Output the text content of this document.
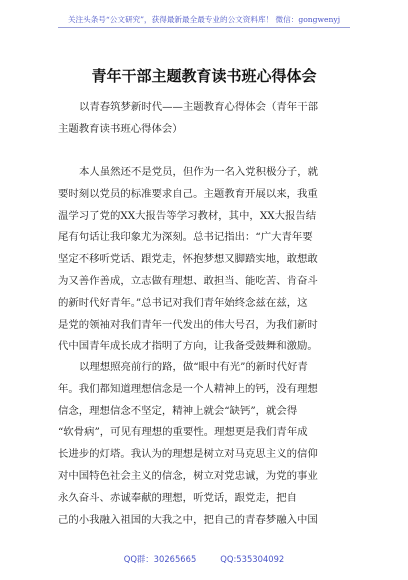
关注头条号“公文研究”，获得最新最全最专业的公文资料库！ 微信：gongwenyj
青年干部主题教育读书班心得体会
以青春筑梦新时代——主题教育心得体会（青年干部
主题教育读书班心得体会）
本人虽然还不是党员，但作为一名入党积极分子，就
要时刻以党员的标准要求自己。主题教育开展以来，我重
温学习了党的XX大报告等学习教材，其中，XX大报告结
尾有句话让我印象尤为深刻。总书记指出：“广大青年要
坚定不移听党话、跟党走，怀抱梦想又脚踏实地，敢想敢
为又善作善成，立志做有理想、敢担当、能吃苦、肯奋斗
的新时代好青年。”总书记对我们青年始终念兹在兹，这
是党的领袖对我们青年一代发出的伟大号召，为我们新时
代中国青年成长成才指明了方向，让我备受鼓舞和激励。
以理想照亮前行的路，做“眼中有光”的新时代好青
年。我们都知道理想信念是一个人精神上的钙，没有理想
信念，理想信念不坚定，精神上就会“缺钙”，就会得
“软骨病”，可见有理想的重要性。理想更是我们青年成
长进步的灯塔。我认为的理想是树立对马克思主义的信仰
对中国特色社会主义的信念，树立对党忠诚，为党的事业
永久奋斗、赤诚奉献的理想，听党话，跟党走，把自
己的小我融入祖国的大我之中，把自己的青春梦融入中国
QQ群：30265665	QQ:535304092
